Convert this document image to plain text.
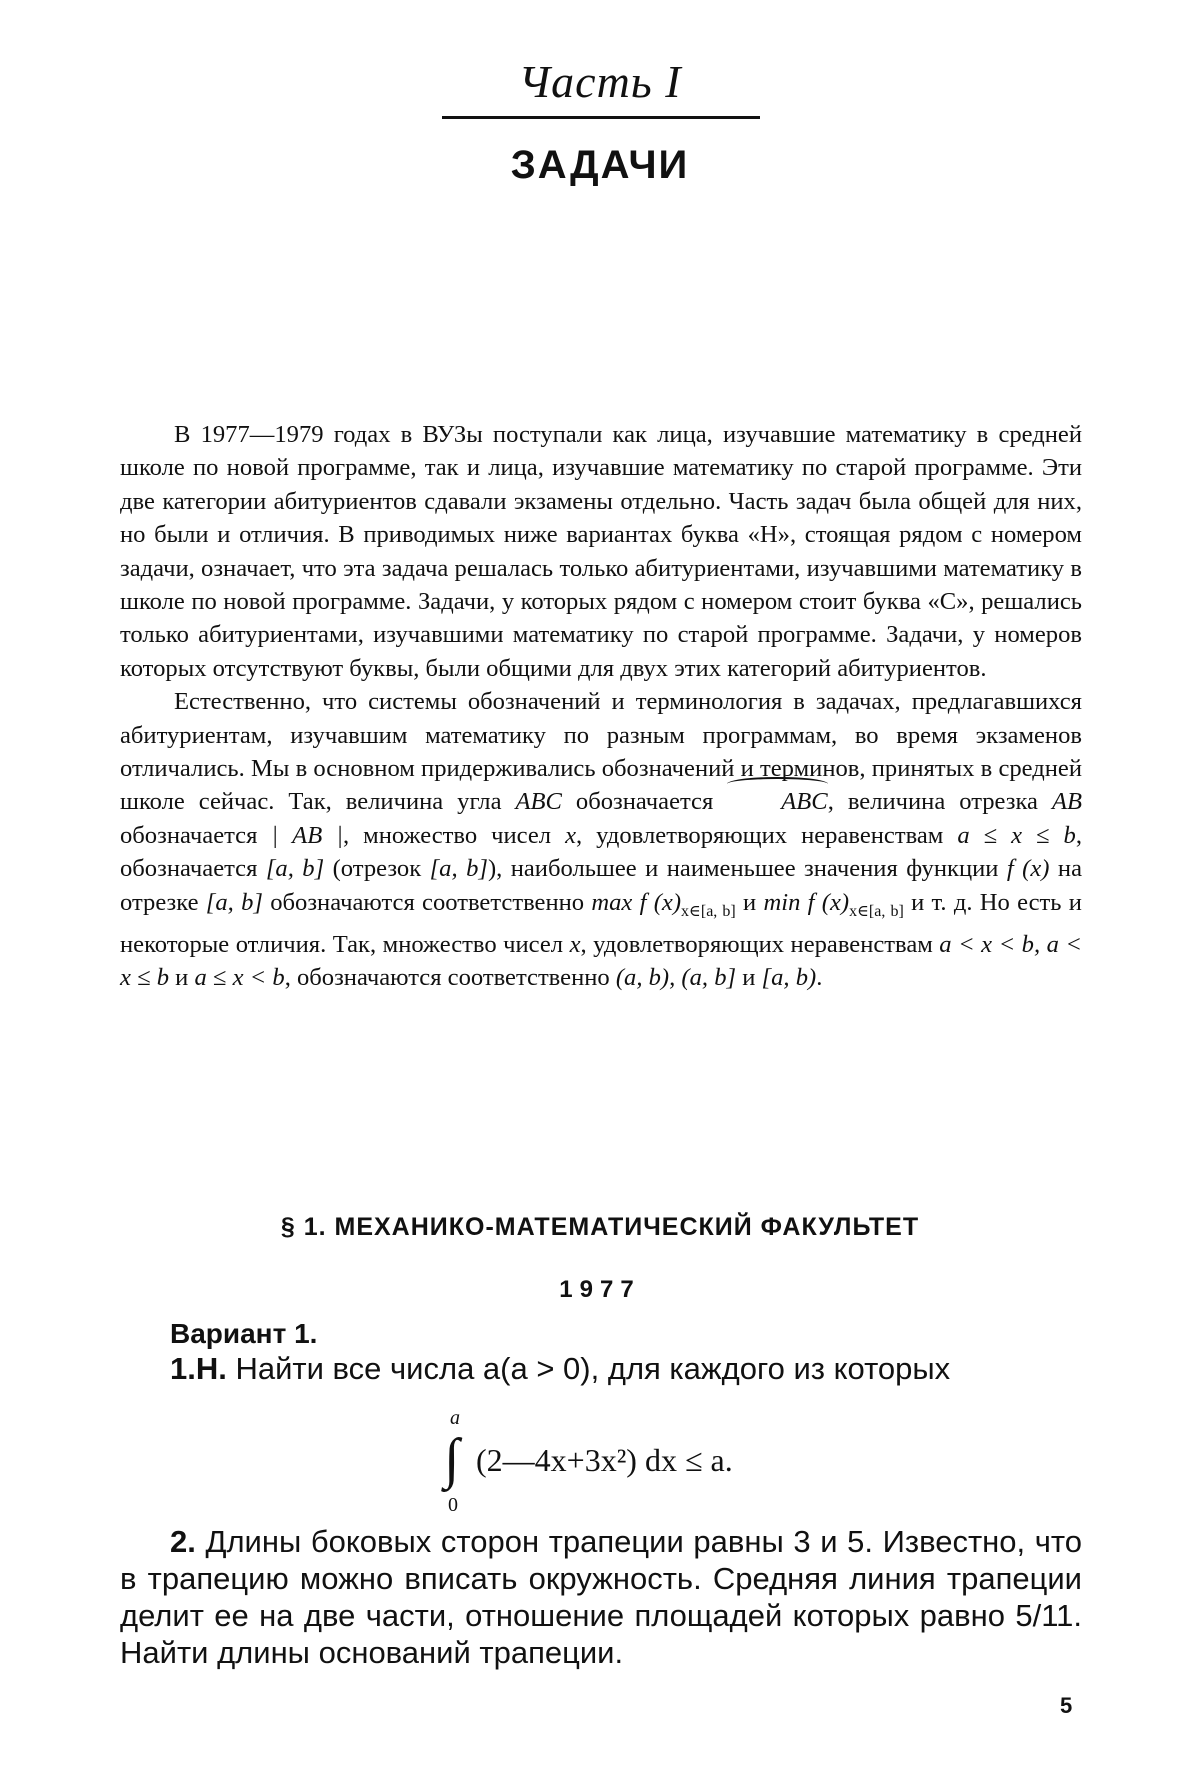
Часть I
ЗАДАЧИ

В 1977—1979 годах в ВУЗы поступали как лица, изучавшие математику в средней школе по новой программе, так и лица, изучавшие математику по старой программе. Эти две категории абитуриентов сдавали экзамены отдельно. Часть задач была общей для них, но были и отличия. В приводимых ниже вариантах буква «Н», стоящая рядом с номером задачи, означает, что эта задача решалась только абитуриентами, изучавшими математику в школе по новой программе. Задачи, у которых рядом с номером стоит буква «С», решались только абитуриентами, изучавшими математику по старой программе. Задачи, у номеров которых отсутствуют буквы, были общими для двух этих категорий абитуриентов.

Естественно, что системы обозначений и терминология в задачах, предлагавшихся абитуриентам, изучавшим математику по разным программам, во время экзаменов отличались. Мы в основном придерживались обозначений и терминов, принятых в средней школе сейчас. Так, величина угла ABC обозначается ABC, величина отрезка AB обозначается | AB |, множество чисел x, удовлетворяющих неравенствам a ≤ x ≤ b, обозначается [a, b] (отрезок [a, b]), наибольшее и наименьшее значения функции f (x) на отрезке [a, b] обозначаются соответственно max f $(x)_{x\in[a, b]}$ и min f $(x)_{x\in[a, b]}$ и т. д. Но есть и некоторые отличия. Так, множество чисел x, удовлетворяющих неравенствам a < x < b, a < x ≤ b и a ≤ x < b, обозначаются соответственно (a, b), (a, b] и [a, b).

§ 1. МЕХАНИКО-МАТЕМАТИЧЕСКИЙ ФАКУЛЬТЕТ
1977
Вариант 1.

1.Н. Найти все числа a(a > 0), для каждого из которых

a
∫
0
(2—4x+3x²) dx ≤ a.

2. Длины боковых сторон трапеции равны 3 и 5. Известно, что в трапецию можно вписать окружность. Средняя линия трапеции делит ее на две части, отношение площадей которых равно 5/11. Найти длины оснований трапеции.

5
